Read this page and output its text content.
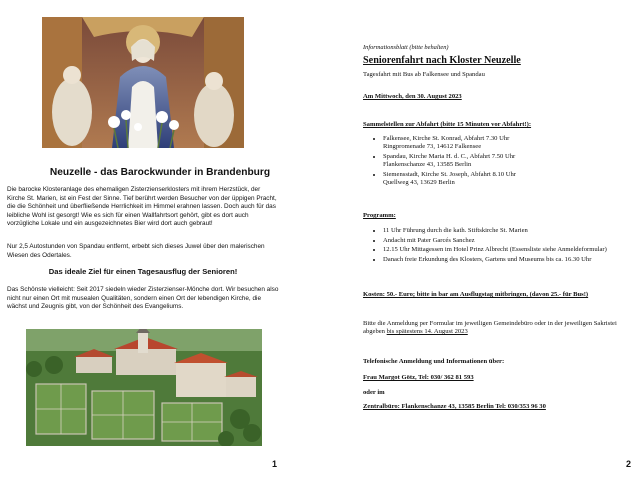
Neuzelle - das Barockwunder in Brandenburg
Die barocke Klosteranlage des ehemaligen Zisterzienserklosters mit ihrem Herzstück, der Kirche St. Marien, ist ein Fest der Sinne. Tief berührt werden Besucher von der üppigen Pracht, die die Schönheit und überfließende Herrlichkeit im Himmel erahnen lassen. Doch auch für das leibliche Wohl ist gesorgt! Wie es sich für einen Wallfahrtsort gehört, gibt es dort auch vorzügliche Lokale und ein ausgezeichnetes Bier wird dort auch gebraut!
Nur 2,5 Autostunden von Spandau entfernt, erbebt sich dieses Juwel über den malerischen Wiesen des Odertales.
Das ideale Ziel für einen Tagesausflug der Senioren!
Das Schönste vielleicht: Seit 2017 siedeln wieder Zisterzienser-Mönche dort. Wir besuchen also nicht nur einen Ort mit musealen Qualitäten, sondern einen Ort der lebendigen Kirche, die wächst und Zeugnis gibt, von der Schönheit des Evangeliums.
1
Informationsblatt (bitte behalten)
Seniorenfahrt nach Kloster Neuzelle
Tagesfahrt mit Bus ab Falkensee und Spandau
Am Mittwoch, den 30. August 2023
Sammelstellen zur Abfahrt (bitte 15 Minuten vor Abfahrt!):
• Falkensee, Kirche St. Konrad, Abfahrt 7.30 Uhr
Ringpromenade 73, 14612 Falkensee
• Spandau, Kirche Maria H. d. C., Abfahrt 7.50 Uhr
Flankenschanze 43, 13585 Berlin
• Siemensstadt, Kirche St. Joseph, Abfahrt 8.10 Uhr
Quellweg 43, 13629 Berlin
Programm:
• 11 Uhr Führung durch die kath. Stiftskirche St. Marien
• Andacht mit Pater Garcés Sanchez
• 12.15 Uhr Mittagessen im Hotel Prinz Albrecht (Essensliste siehe Anmeldeformular)
• Danach freie Erkundung des Klosters, Gartens und Museums bis ca. 16.30 Uhr
Kosten: 50.- Euro; bitte in bar am Ausflugstag mitbringen, (davon 25.- für Bus!)
Bitte die Anmeldung per Formular im jeweiligen Gemeindebüro oder in der jeweiligen Sakristei abgeben bis spätestens 14. August 2023
Telefonische Anmeldung und Informationen über:
Frau Margot Götz, Tel: 030/ 362 81 593
oder im
Zentralbüro: Flankenschanze 43, 13585 Berlin Tel: 030/353 96 30
2
